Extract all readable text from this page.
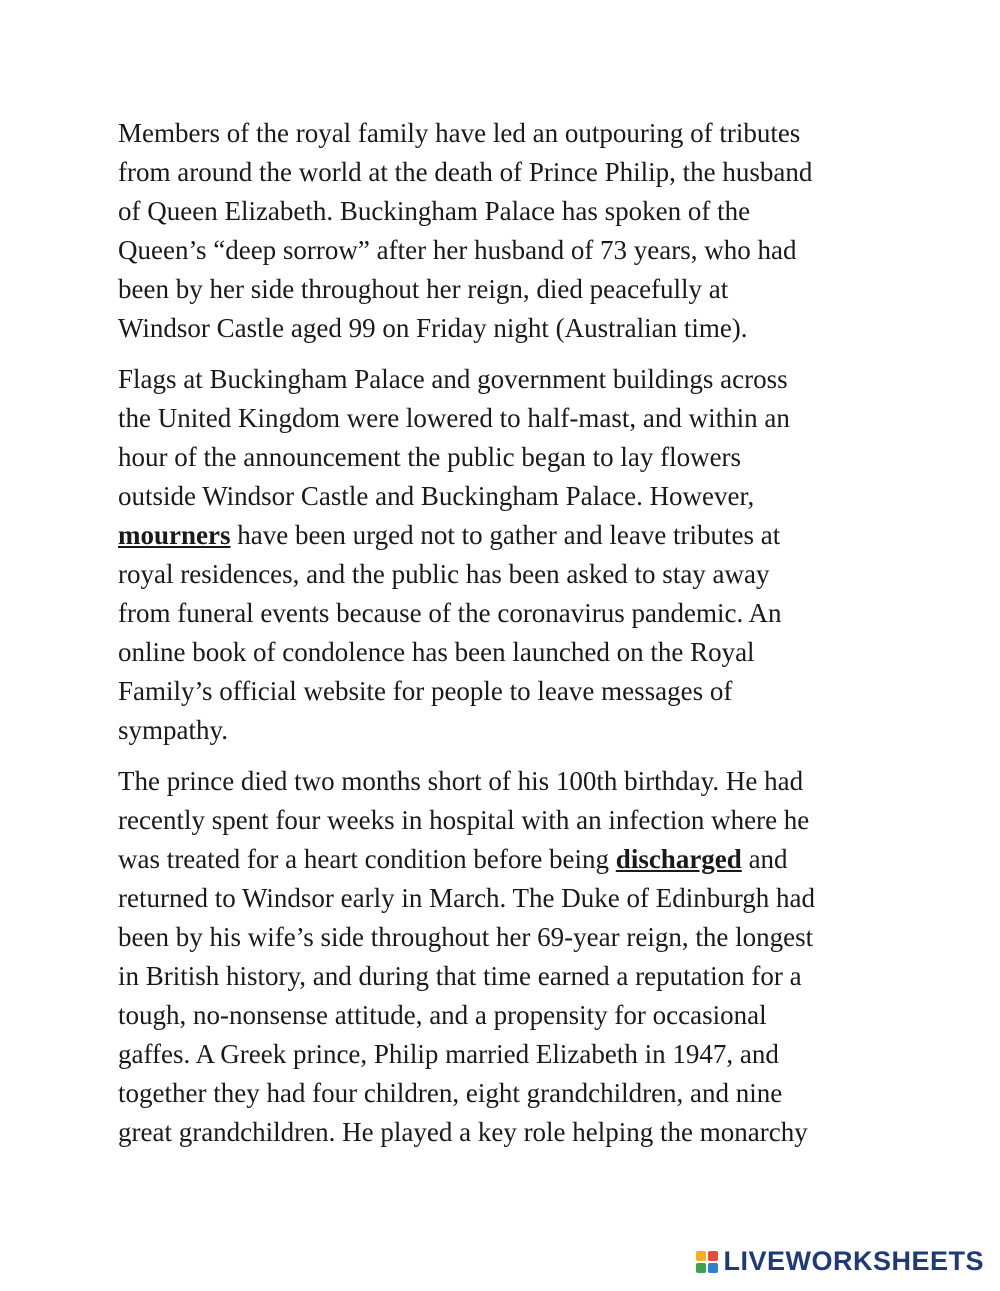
Members of the royal family have led an outpouring of tributes
from around the world at the death of Prince Philip, the husband
of Queen Elizabeth. Buckingham Palace has spoken of the
Queen’s “deep sorrow” after her husband of 73 years, who had
been by her side throughout her reign, died peacefully at
Windsor Castle aged 99 on Friday night (Australian time).

Flags at Buckingham Palace and government buildings across
the United Kingdom were lowered to half-mast, and within an
hour of the announcement the public began to lay flowers
outside Windsor Castle and Buckingham Palace. However,
mourners have been urged not to gather and leave tributes at
royal residences, and the public has been asked to stay away
from funeral events because of the coronavirus pandemic. An
online book of condolence has been launched on the Royal
Family’s official website for people to leave messages of
sympathy.

The prince died two months short of his 100th birthday. He had
recently spent four weeks in hospital with an infection where he
was treated for a heart condition before being discharged and
returned to Windsor early in March. The Duke of Edinburgh had
been by his wife’s side throughout her 69-year reign, the longest
in British history, and during that time earned a reputation for a
tough, no-nonsense attitude, and a propensity for occasional
gaffes. A Greek prince, Philip married Elizabeth in 1947, and
together they had four children, eight grandchildren, and nine
great grandchildren. He played a key role helping the monarchy

LIVEWORKSHEETS
